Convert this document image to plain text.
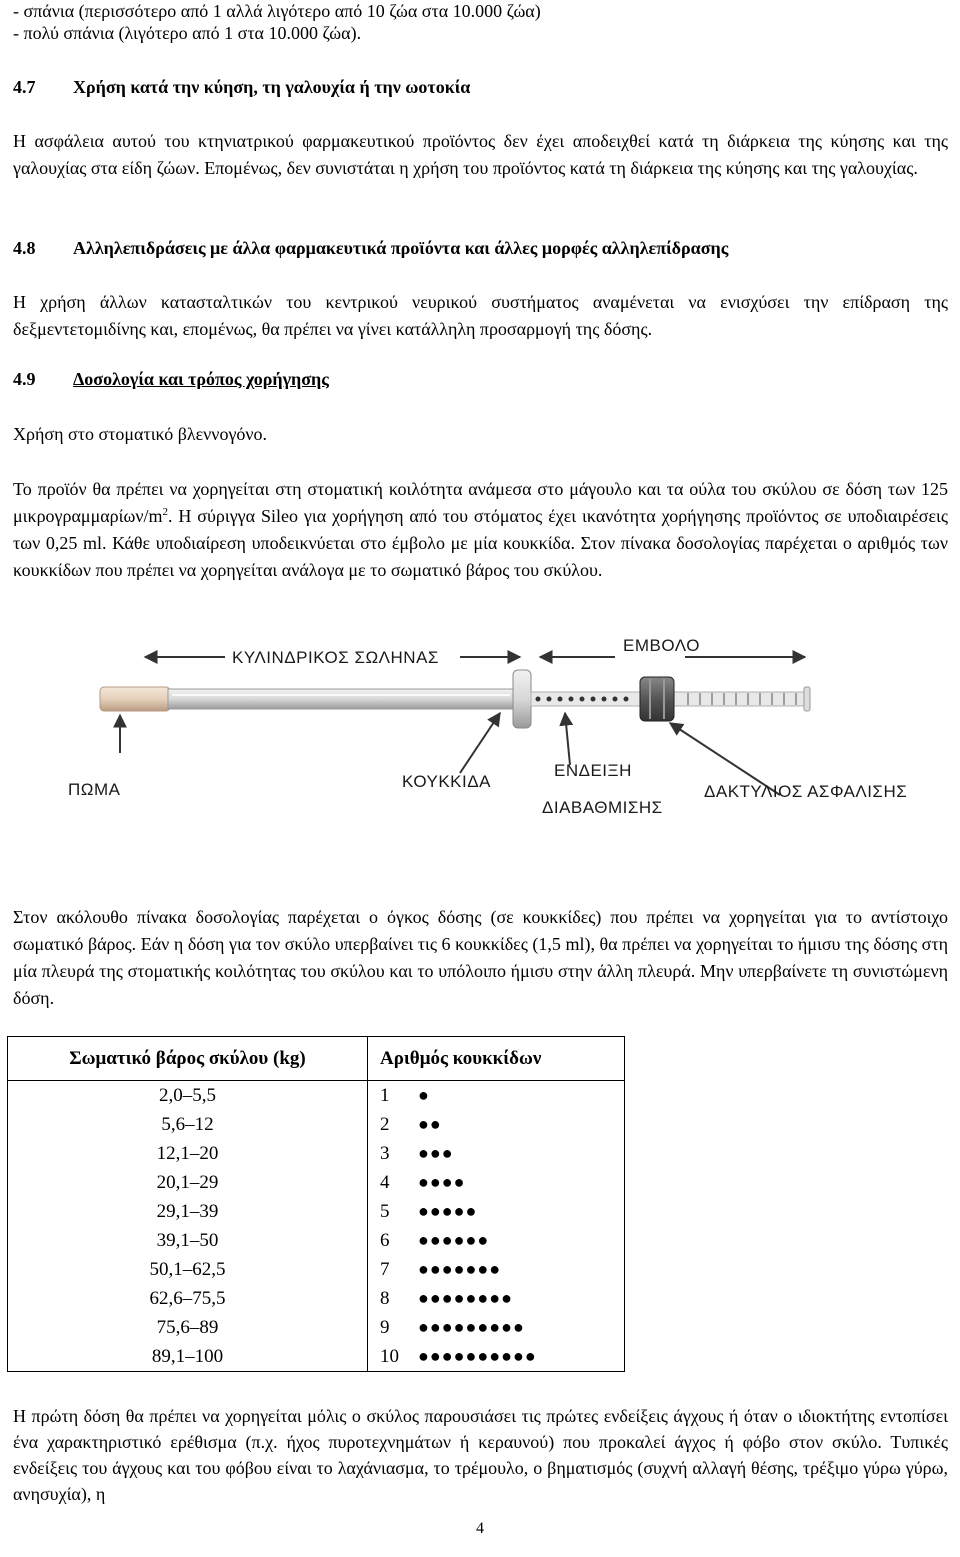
- σπάνια (περισσότερο από 1 αλλά λιγότερο από 10 ζώα στα 10.000 ζώα)
- πολύ σπάνια (λιγότερο από 1 στα 10.000 ζώα).
4.7 Χρήση κατά την κύηση, τη γαλουχία ή την ωοτοκία
Η ασφάλεια αυτού του κτηνιατρικού φαρμακευτικού προϊόντος δεν έχει αποδειχθεί κατά τη διάρκεια της κύησης και της γαλουχίας στα είδη ζώων. Επομένως, δεν συνιστάται η χρήση του προϊόντος κατά τη διάρκεια της κύησης και της γαλουχίας.
4.8 Αλληλεπιδράσεις με άλλα φαρμακευτικά προϊόντα και άλλες μορφές αλληλεπίδρασης
Η χρήση άλλων κατασταλτικών του κεντρικού νευρικού συστήματος αναμένεται να ενισχύσει την επίδραση της δεξμεντετομιδίνης και, επομένως, θα πρέπει να γίνει κατάλληλη προσαρμογή της δόσης.
4.9 Δοσολογία και τρόπος χορήγησης
Χρήση στο στοματικό βλεννογόνο.
Το προϊόν θα πρέπει να χορηγείται στη στοματική κοιλότητα ανάμεσα στο μάγουλο και τα ούλα του σκύλου σε δόση των 125 μικρογραμμαρίων/$m^2$. Η σύριγγα Sileo για χορήγηση από του στόματος έχει ικανότητα χορήγησης προϊόντος σε υποδιαιρέσεις των 0,25 ml. Κάθε υποδιαίρεση υποδεικνύεται στο έμβολο με μία κουκκίδα. Στον πίνακα δοσολογίας παρέχεται ο αριθμός των κουκκίδων που πρέπει να χορηγείται ανάλογα με το σωματικό βάρος του σκύλου.
ΚΥΛΙΝΔΡΙΚΟΣ ΣΩΛΗΝΑΣ
ΕΜΒΟΛΟ
ΠΩΜΑ	ΚΟΥΚΚΙΔΑ
ΕΝΔΕΙΞΗ
ΔΙΑΒΑΘΜΙΣΗΣ
ΔΑΚΤΥΛΙΟΣ ΑΣΦΑΛΙΣΗΣ
Στον ακόλουθο πίνακα δοσολογίας παρέχεται ο όγκος δόσης (σε κουκκίδες) που πρέπει να χορηγείται για το αντίστοιχο σωματικό βάρος. Εάν η δόση για τον σκύλο υπερβαίνει τις 6 κουκκίδες (1,5 ml), θα πρέπει να χορηγείται το ήμισυ της δόσης στη μία πλευρά της στοματικής κοιλότητας του σκύλου και το υπόλοιπο ήμισυ στην άλλη πλευρά. Μην υπερβαίνετε τη συνιστώμενη δόση.
Σωματικό βάρος σκύλου (kg)	Αριθμός κουκκίδων
2,0–5,5	1 ●
5,6–12	2 ●●
12,1–20	3 ●●●
20,1–29	4 ●●●●
29,1–39	5 ●●●●●
39,1–50	6 ●●●●●●
50,1–62,5	7 ●●●●●●●
62,6–75,5	8 ●●●●●●●●
75,6–89	9 ●●●●●●●●●
89,1–100	10 ●●●●●●●●●●
Η πρώτη δόση θα πρέπει να χορηγείται μόλις ο σκύλος παρουσιάσει τις πρώτες ενδείξεις άγχους ή όταν ο ιδιοκτήτης εντοπίσει ένα χαρακτηριστικό ερέθισμα (π.χ. ήχος πυροτεχνημάτων ή κεραυνού) που προκαλεί άγχος ή φόβο στον σκύλο. Τυπικές ενδείξεις του άγχους και του φόβου είναι το λαχάνιασμα, το τρέμουλο, ο βηματισμός (συχνή αλλαγή θέσης, τρέξιμο γύρω γύρω, ανησυχία), η
4
